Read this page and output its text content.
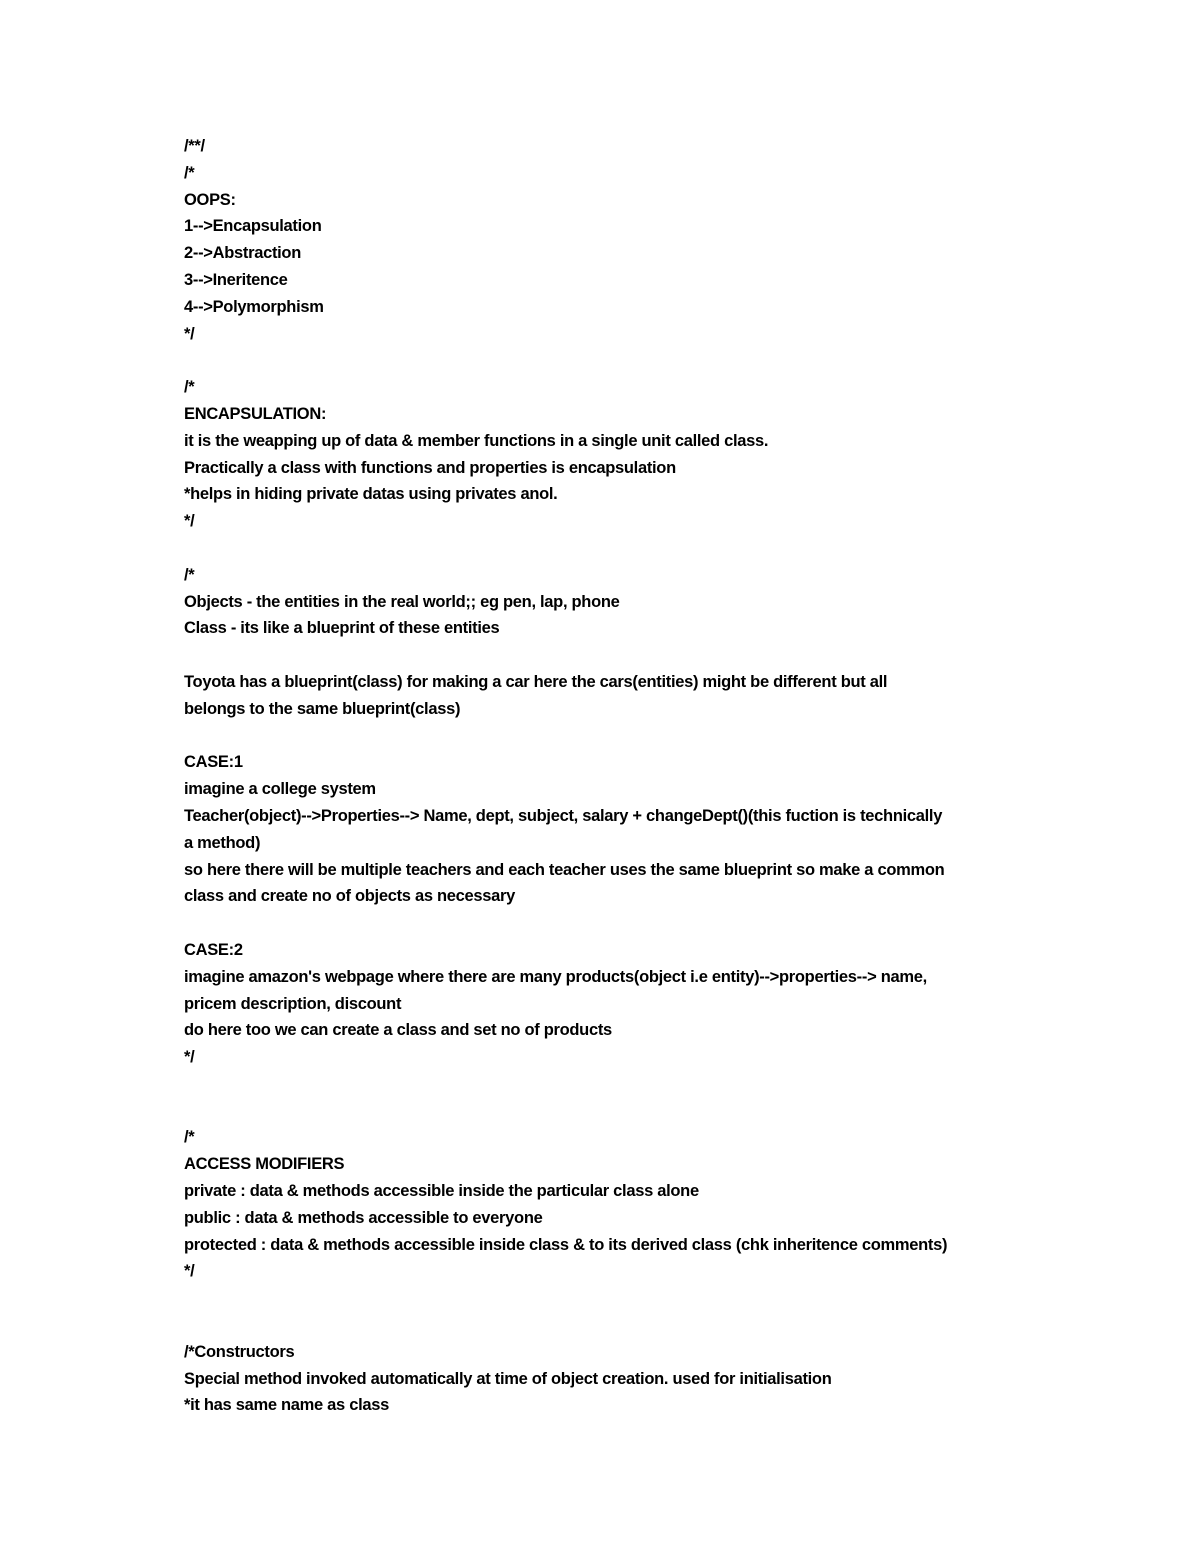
/**/
/*
OOPS:
1-->Encapsulation
2-->Abstraction
3-->Ineritence
4-->Polymorphism
*/
/*
ENCAPSULATION:
it is the weapping up of data & member functions in a single unit called class.
Practically a class with functions and properties is encapsulation
*helps in hiding private datas using privates anol.
*/
/*
Objects - the entities in the real world;; eg pen, lap, phone
Class - its like a blueprint of these entities
Toyota has a blueprint(class) for making a car here the cars(entities) might be different but all
belongs to the same blueprint(class)
CASE:1
imagine a college system
Teacher(object)-->Properties--> Name, dept, subject, salary + changeDept()(this fuction is technically
a method)
so here there will be multiple teachers and each teacher uses the same blueprint so make a common
class and create no of objects as necessary
CASE:2
imagine amazon's webpage where there are many products(object i.e entity)-->properties--> name,
pricem description, discount
do here too we can create a class and set no of products
*/
/*
ACCESS MODIFIERS
private : data & methods accessible inside the particular class alone
public : data & methods accessible to everyone
protected : data & methods accessible inside class & to its derived class (chk inheritence comments)
*/
/*Constructors
Special method invoked automatically at time of object creation. used for initialisation
*it has same name as class
